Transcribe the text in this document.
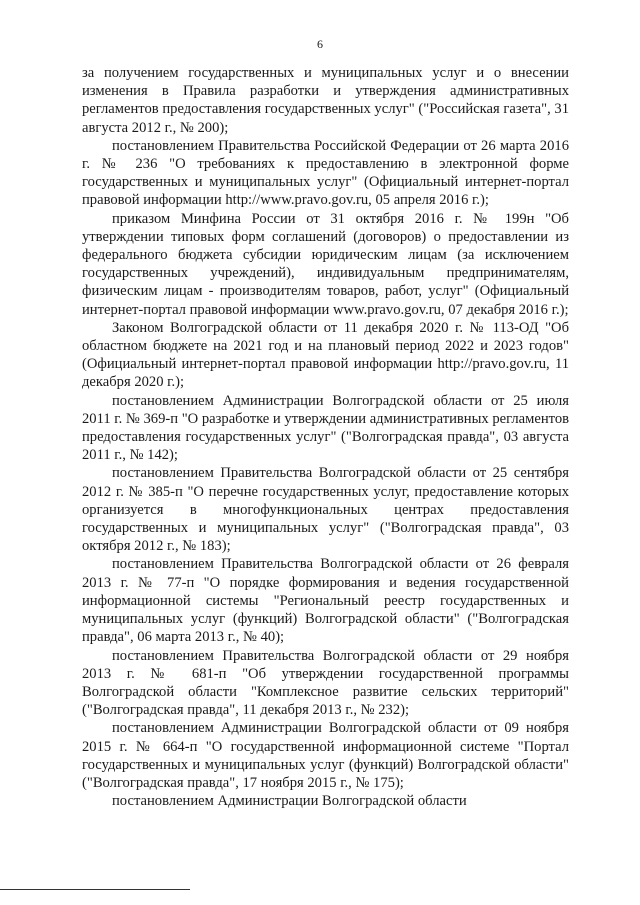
6

за получением государственных и муниципальных услуг и о внесении изменения в Правила разработки и утверждения административных регламентов предоставления государственных услуг" ("Российская газета", 31 августа 2012 г., № 200);

постановлением Правительства Российской Федерации от 26 марта 2016 г. № 236 "О требованиях к предоставлению в электронной форме государственных и муниципальных услуг" (Официальный интернет-портал правовой информации http://www.pravo.gov.ru, 05 апреля 2016 г.);

приказом Минфина России от 31 октября 2016 г. № 199н "Об утверждении типовых форм соглашений (договоров) о предоставлении из федерального бюджета субсидии юридическим лицам (за исключением государственных учреждений), индивидуальным предпринимателям, физическим лицам - производителям товаров, работ, услуг" (Официальный интернет-портал правовой информации www.pravo.gov.ru, 07 декабря 2016 г.);

Законом Волгоградской области от 11 декабря 2020 г. № 113-ОД "Об областном бюджете на 2021 год и на плановый период 2022 и 2023 годов" (Официальный интернет-портал правовой информации http://pravo.gov.ru, 11 декабря 2020 г.);

постановлением Администрации Волгоградской области от 25 июля 2011 г. № 369-п "О разработке и утверждении административных регламентов предоставления государственных услуг" ("Волгоградская правда", 03 августа 2011 г., № 142);

постановлением Правительства Волгоградской области от 25 сентября 2012 г. № 385-п "О перечне государственных услуг, предоставление которых организуется в многофункциональных центрах предоставления государственных и муниципальных услуг" ("Волгоградская правда", 03 октября 2012 г., № 183);

постановлением Правительства Волгоградской области от 26 февраля 2013 г. № 77-п "О порядке формирования и ведения государственной информационной системы "Региональный реестр государственных и муниципальных услуг (функций) Волгоградской области" ("Волгоградская правда", 06 марта 2013 г., № 40);

постановлением Правительства Волгоградской области от 29 ноября 2013 г. № 681-п "Об утверждении государственной программы Волгоградской области "Комплексное развитие сельских территорий" ("Волгоградская правда", 11 декабря 2013 г., № 232);

постановлением Администрации Волгоградской области от 09 ноября 2015 г. № 664-п "О государственной информационной системе "Портал государственных и муниципальных услуг (функций) Волгоградской области" ("Волгоградская правда", 17 ноября 2015 г., № 175);

постановлением Администрации Волгоградской области
